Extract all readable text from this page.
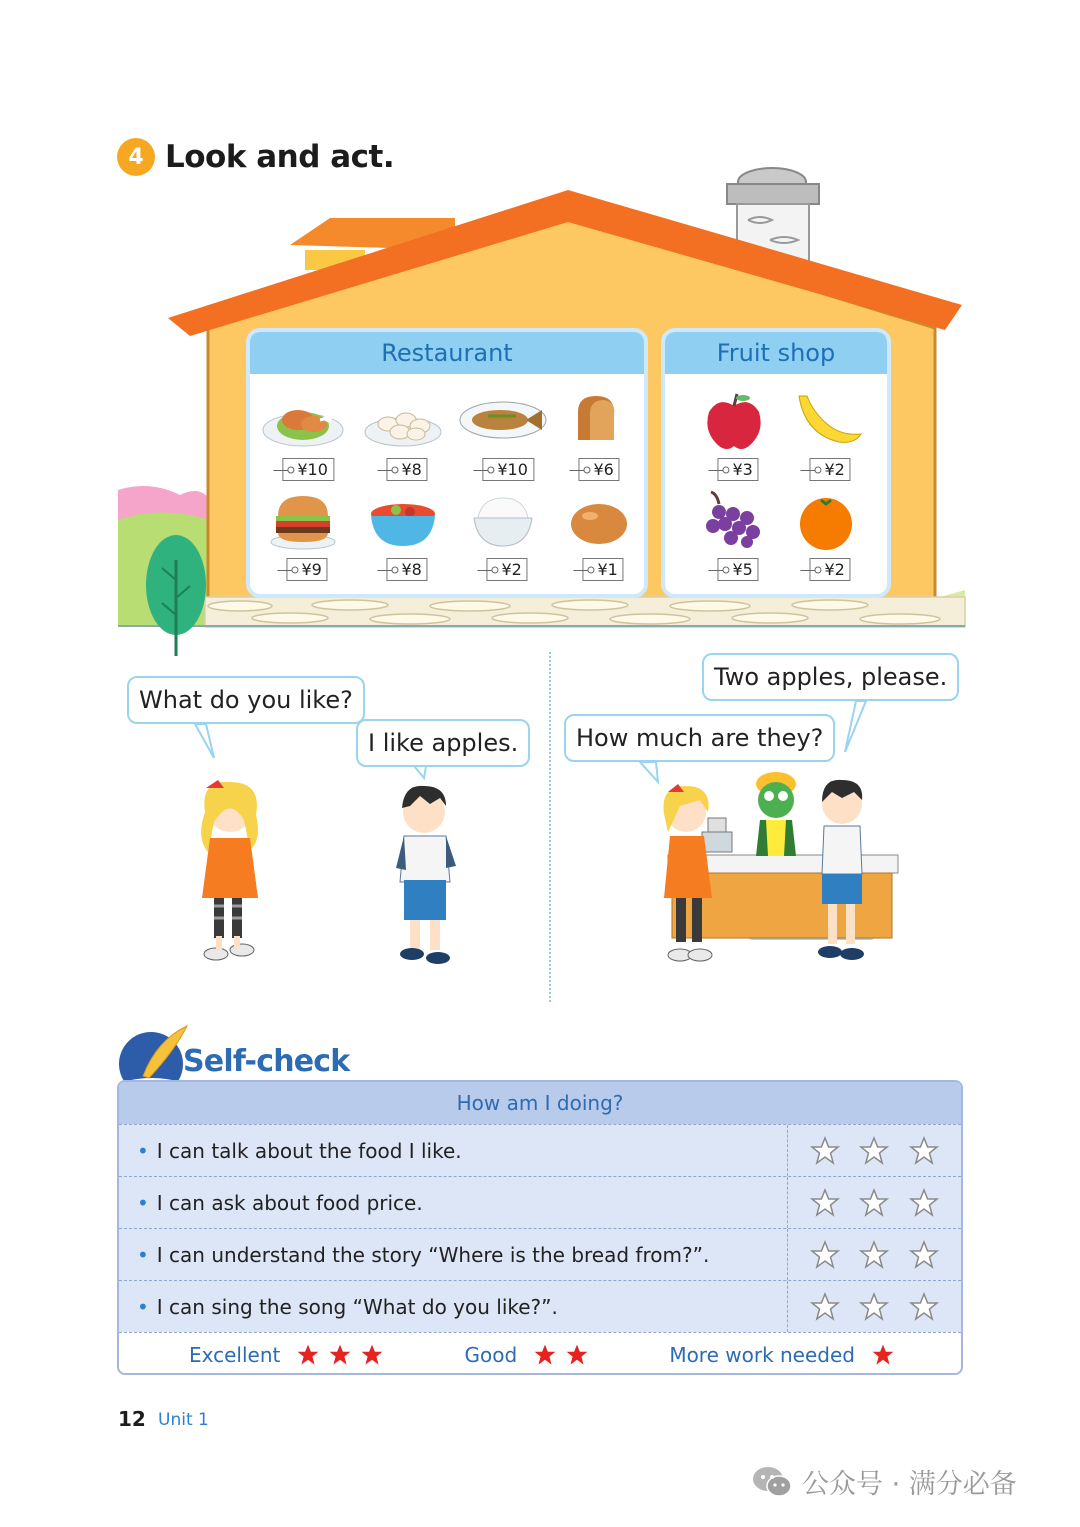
4 Look and act.
Restaurant
¥10	¥8	¥10	¥6
¥9	¥8	¥2	¥1
Fruit shop
¥3	¥2
¥5	¥2
What do you like?
I like apples.
Two apples, please.
How much are they?
Self-check
How am I doing?
• I can talk about the food I like.
• I can ask about food price.
• I can understand the story “Where is the bread from?”.
• I can sing the song “What do you like?”.
Excellent	Good	More work needed
12 Unit 1
公众号 · 满分必备
